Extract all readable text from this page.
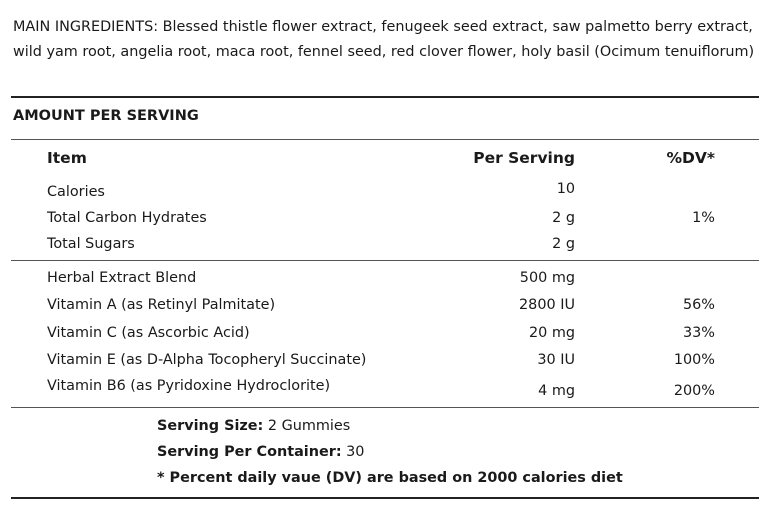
MAIN INGREDIENTS: Blessed thistle flower extract, fenugeek seed extract, saw palmetto berry extract, wild yam root, angelia root, maca root, fennel seed, red clover flower, holy basil (Ocimum tenuiflorum)

AMOUNT PER SERVING

Item	Per Serving	%DV*
Calories	10
Total Carbon Hydrates	2 g	1%
Total Sugars	2 g
Herbal Extract Blend	500 mg
Vitamin A (as Retinyl Palmitate)	2800 IU	56%
Vitamin C (as Ascorbic Acid)	20 mg	33%
Vitamin E (as D-Alpha Tocopheryl Succinate)	30 IU	100%
Vitamin B6 (as Pyridoxine Hydroclorite)	4 mg	200%
Serving Size: 2 Gummies
Serving Per Container: 30
* Percent daily vaue (DV) are based on 2000 calories diet
